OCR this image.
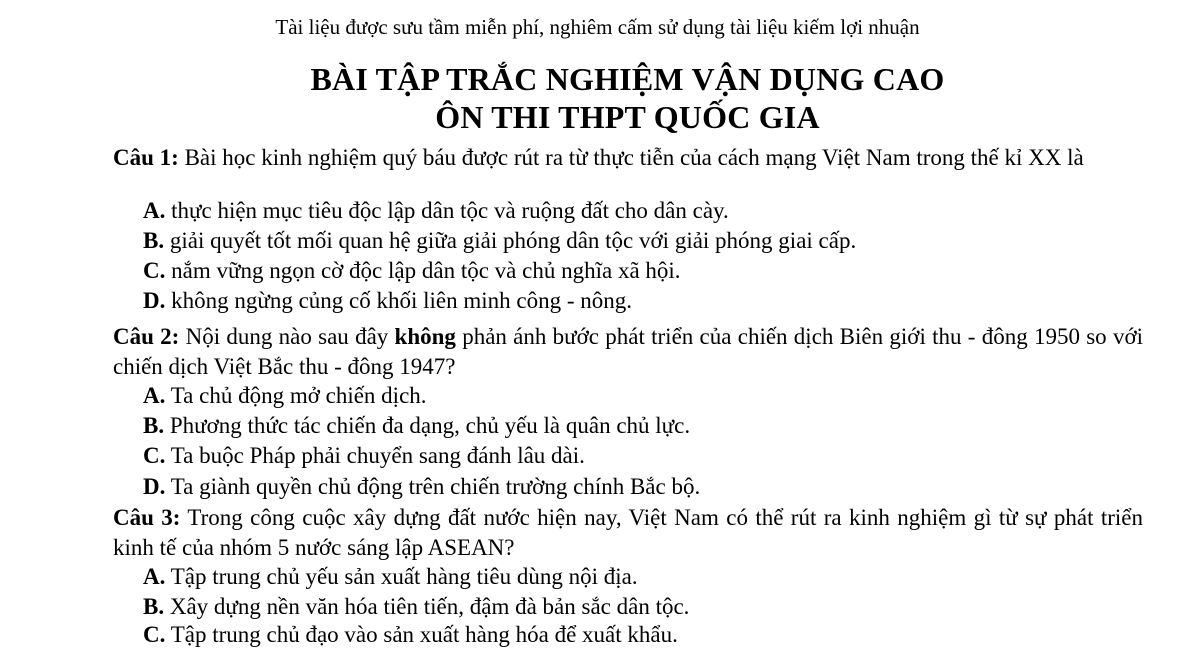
Tài liệu được sưu tầm miễn phí, nghiêm cấm sử dụng tài liệu kiếm lợi nhuận
BÀI TẬP TRẮC NGHIỆM VẬN DỤNG CAO
ÔN THI THPT QUỐC GIA
Câu 1: Bài học kinh nghiệm quý báu được rút ra từ thực tiễn của cách mạng Việt Nam trong thế kỉ XX là
A. thực hiện mục tiêu độc lập dân tộc và ruộng đất cho dân cày.
B. giải quyết tốt mối quan hệ giữa giải phóng dân tộc với giải phóng giai cấp.
C. nắm vững ngọn cờ độc lập dân tộc và chủ nghĩa xã hội.
D. không ngừng củng cố khối liên minh công - nông.
Câu 2: Nội dung nào sau đây không phản ánh bước phát triển của chiến dịch Biên giới thu - đông 1950 so với chiến dịch Việt Bắc thu - đông 1947?
A. Ta chủ động mở chiến dịch.
B. Phương thức tác chiến đa dạng, chủ yếu là quân chủ lực.
C. Ta buộc Pháp phải chuyển sang đánh lâu dài.
D. Ta giành quyền chủ động trên chiến trường chính Bắc bộ.
Câu 3: Trong công cuộc xây dựng đất nước hiện nay, Việt Nam có thể rút ra kinh nghiệm gì từ sự phát triển kinh tế của nhóm 5 nước sáng lập ASEAN?
A. Tập trung chủ yếu sản xuất hàng tiêu dùng nội địa.
B. Xây dựng nền văn hóa tiên tiến, đậm đà bản sắc dân tộc.
C. Tập trung chủ đạo vào sản xuất hàng hóa để xuất khẩu.
